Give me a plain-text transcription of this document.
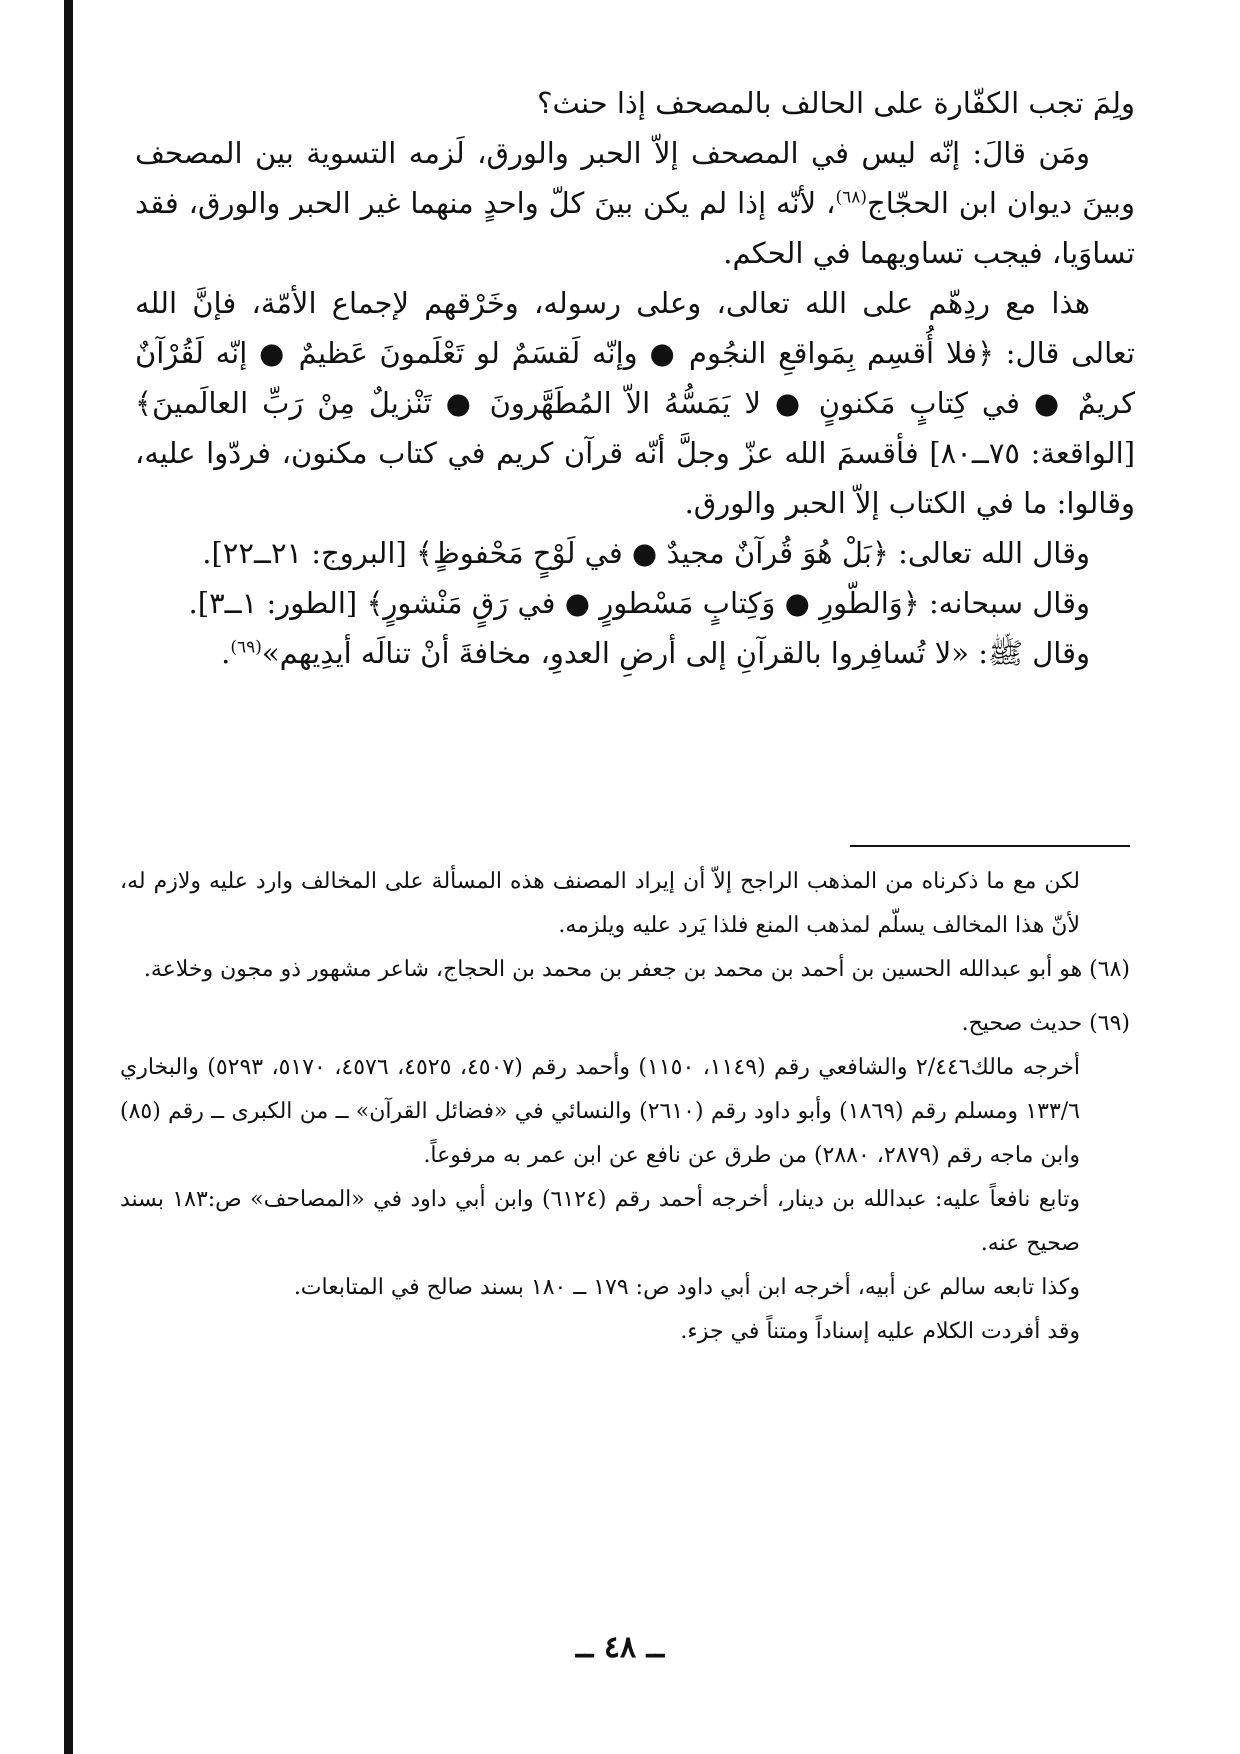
ولِمَ تجب الكفّارة على الحالف بالمصحف إذا حنث؟

ومَن قالَ: إنّه ليس في المصحف إلاّ الحبر والورق، لَزمه التسوية بين المصحف وبينَ ديوان ابن الحجّاج$^{(٦٨)}$، لأنّه إذا لم يكن بينَ كلّ واحدٍ منهما غير الحبر والورق، فقد تساوَيا، فيجب تساويهما في الحكم.

هذا مع ردِهّم على الله تعالى، وعلى رسوله، وخَرْقهم لإجماع الأمّة، فإنَّ الله تعالى قال: ﴿فلا أُقسِم بِمَواقعِ النجُوم ● وإنّه لَقسَمٌ لو تَعْلَمونَ عَظيمٌ ● إنّه لَقُرْآنٌ كريمٌ ● في كِتابٍ مَكنونٍ ● لا يَمَسُّهُ الاّ المُطَهَّرونَ ● تَنْزيلٌ مِنْ رَبِّ العالَمينَ﴾ [الواقعة: ٧٥ــ٨٠] فأقسمَ الله عزّ وجلَّ أنّه قرآن كريم في كتاب مكنون، فردّوا عليه، وقالوا: ما في الكتاب إلاّ الحبر والورق.

وقال الله تعالى: ﴿بَلْ هُوَ قُرآنٌ مجيدٌ ● في لَوْحٍ مَحْفوظٍ﴾ [البروج: ٢١ــ٢٢].

وقال سبحانه: ﴿وَالطّورِ ● وَكِتابٍ مَسْطورٍ ● في رَقٍ مَنْشورٍ﴾ [الطور: ١ــ٣].

وقال ﷺ: «لا تُسافِروا بالقرآنِ إلى أرضِ العدوِ، مخافةَ أنْ تنالَه أيدِيهم»$^{(٦٩)}$.

لكن مع ما ذكرناه من المذهب الراجح إلاّ أن إيراد المصنف هذه المسألة على المخالف وارد عليه ولازم له، لأنّ هذا المخالف يسلّم لمذهب المنع فلذا يَرد عليه ويلزمه.

(٦٨) هو أبو عبدالله الحسين بن أحمد بن محمد بن جعفر بن محمد بن الحجاج، شاعر مشهور ذو مجون وخلاعة.

(٦٩) حديث صحيح.

أخرجه مالك٢/٤٤٦ والشافعي رقم (١١٤٩، ١١٥٠) وأحمد رقم (٤٥٠٧، ٤٥٢٥، ٤٥٧٦، ٥١٧٠، ٥٢٩٣) والبخاري ١٣٣/٦ ومسلم رقم (١٨٦٩) وأبو داود رقم (٢٦١٠) والنسائي في «فضائل القرآن» ــ من الكبرى ــ رقم (٨٥) وابن ماجه رقم (٢٨٧٩، ٢٨٨٠) من طرق عن نافع عن ابن عمر به مرفوعاً.

وتابع نافعاً عليه: عبدالله بن دينار، أخرجه أحمد رقم (٦١٢٤) وابن أبي داود في «المصاحف» ص:١٨٣ بسند صحيح عنه.

وكذا تابعه سالم عن أبيه، أخرجه ابن أبي داود ص: ١٧٩ ــ ١٨٠ بسند صالح في المتابعات.

وقد أفردت الكلام عليه إسناداً ومتناً في جزء.

ــ ٤٨ ــ
